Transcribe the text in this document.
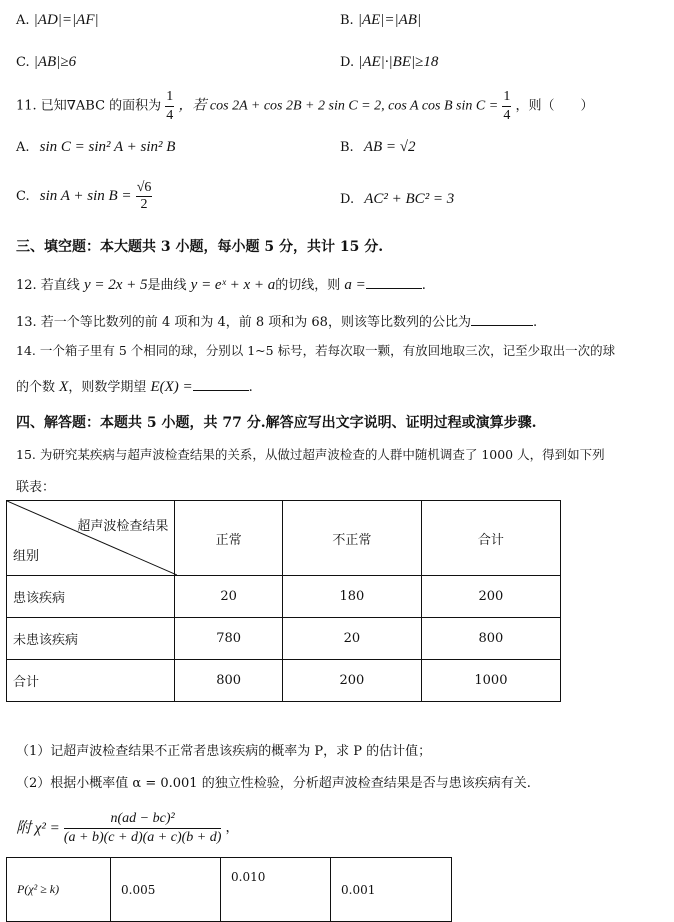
A. |AD|=|AF|	B. |AE|=|AB|
C. |AB|≥6	D. |AE|·|BE|≥18
11. 已知∇ABC 的面积为 $\frac{1}{4}$ ，若 cos 2A + cos 2B + 2 sin C = 2, cos A cos B $\sin C = \frac{1}{4}$ ，则（　　）
A. sin C = sin² A + sin² B	B. AB = √2
C. $\sin A + \sin B = \frac{√6}{2}$	D. AC² + BC² = 3
三、填空题：本大题共 3 小题，每小题 5 分，共计 15 分.
12. 若直线 y = 2x + 5是曲线 y = eˣ + x + a的切线，则 a =	.
13. 若一个等比数列的前 4 项和为 4，前 8 项和为 68，则该等比数列的公比为	.
14. 一个箱子里有 5 个相同的球，分别以 1~5 标号，若每次取一颗，有放回地取三次，记至少取出一次的球
的个数 X，则数学期望 E(X) =	.
四、解答题：本题共 5 小题，共 77 分.解答应写出文字说明、证明过程或演算步骤.
15. 为研究某疾病与超声波检查结果的关系，从做过超声波检查的人群中随机调查了 1000 人，得到如下列
联表：
超声波检查结果
组别	正常	不正常	合计
患该疾病	20	180	200
未患该疾病	780	20	800
合计	800	200	1000
（1）记超声波检查结果不正常者患该疾病的概率为 P，求 P 的估计值；
（2）根据小概率值 α = 0.001 的独立性检验，分析超声波检查结果是否与患该疾病有关.
附 $\chi^2 = \frac{\text{n(ad − bc)²}}{(a + b)(c + d)(a + c)(b + d)}$ ，
P(χ² ≥ k)	0.005	0.010	0.001
